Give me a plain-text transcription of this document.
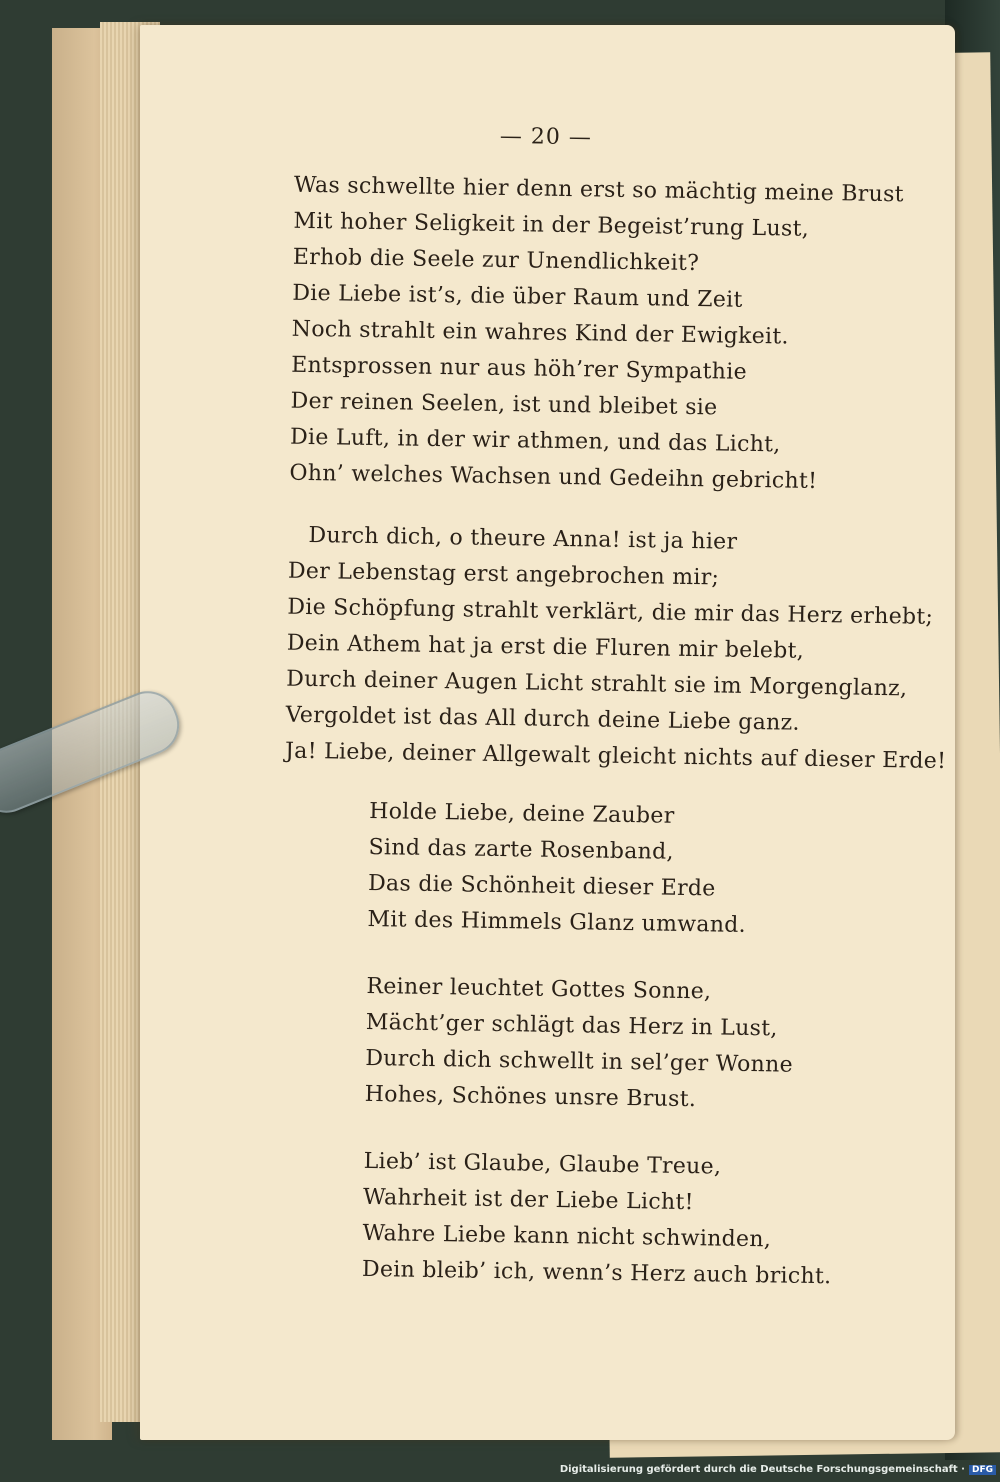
— 20 —
Was schwellte hier denn erst so mächtig meine Brust
Mit hoher Seligkeit in der Begeist’rung Lust,
Erhob die Seele zur Unendlichkeit?
Die Liebe ist’s, die über Raum und Zeit
Noch strahlt ein wahres Kind der Ewigkeit.
Entsprossen nur aus höh’rer Sympathie
Der reinen Seelen, ist und bleibet sie
Die Luft, in der wir athmen, und das Licht,
Ohn’ welches Wachsen und Gedeihn gebricht!
Durch dich, o theure Anna! ist ja hier
Der Lebenstag erst angebrochen mir;
Die Schöpfung strahlt verklärt, die mir das Herz erhebt;
Dein Athem hat ja erst die Fluren mir belebt,
Durch deiner Augen Licht strahlt sie im Morgenglanz,
Vergoldet ist das All durch deine Liebe ganz.
Ja! Liebe, deiner Allgewalt gleicht nichts auf dieser Erde!
Holde Liebe, deine Zauber
Sind das zarte Rosenband,
Das die Schönheit dieser Erde
Mit des Himmels Glanz umwand.
Reiner leuchtet Gottes Sonne,
Mächt’ger schlägt das Herz in Lust,
Durch dich schwellt in sel’ger Wonne
Hohes, Schönes unsre Brust.
Lieb’ ist Glaube, Glaube Treue,
Wahrheit ist der Liebe Licht!
Wahre Liebe kann nicht schwinden,
Dein bleib’ ich, wenn’s Herz auch bricht.
Digitalisierung gefördert durch die Deutsche Forschungsgemeinschaft · DFG
